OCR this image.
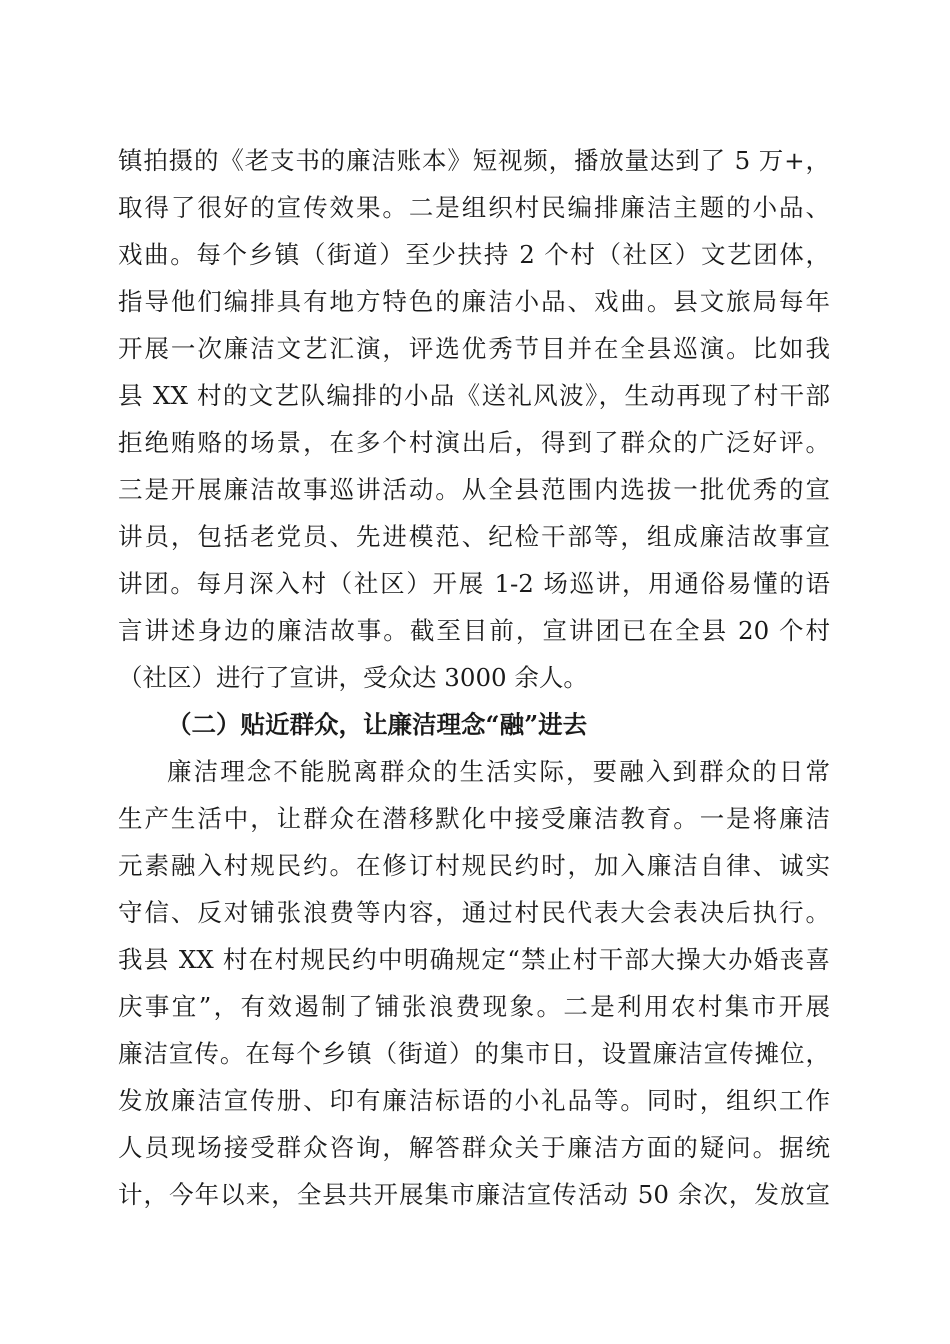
镇拍摄的《老支书的廉洁账本》短视频，播放量达到了 5 万+，
取得了很好的宣传效果。二是组织村民编排廉洁主题的小品、
戏曲。每个乡镇（街道）至少扶持 2 个村（社区）文艺团体，
指导他们编排具有地方特色的廉洁小品、戏曲。县文旅局每年
开展一次廉洁文艺汇演，评选优秀节目并在全县巡演。比如我
县 XX 村的文艺队编排的小品《送礼风波》，生动再现了村干部
拒绝贿赂的场景，在多个村演出后，得到了群众的广泛好评。
三是开展廉洁故事巡讲活动。从全县范围内选拔一批优秀的宣
讲员，包括老党员、先进模范、纪检干部等，组成廉洁故事宣
讲团。每月深入村（社区）开展 1-2 场巡讲，用通俗易懂的语
言讲述身边的廉洁故事。截至目前，宣讲团已在全县 20 个村
（社区）进行了宣讲，受众达 3000 余人。
（二）贴近群众，让廉洁理念“融”进去
廉洁理念不能脱离群众的生活实际，要融入到群众的日常
生产生活中，让群众在潜移默化中接受廉洁教育。一是将廉洁
元素融入村规民约。在修订村规民约时，加入廉洁自律、诚实
守信、反对铺张浪费等内容，通过村民代表大会表决后执行。
我县 XX 村在村规民约中明确规定“禁止村干部大操大办婚丧喜
庆事宜”，有效遏制了铺张浪费现象。二是利用农村集市开展
廉洁宣传。在每个乡镇（街道）的集市日，设置廉洁宣传摊位，
发放廉洁宣传册、印有廉洁标语的小礼品等。同时，组织工作
人员现场接受群众咨询，解答群众关于廉洁方面的疑问。据统
计，今年以来，全县共开展集市廉洁宣传活动 50 余次，发放宣
